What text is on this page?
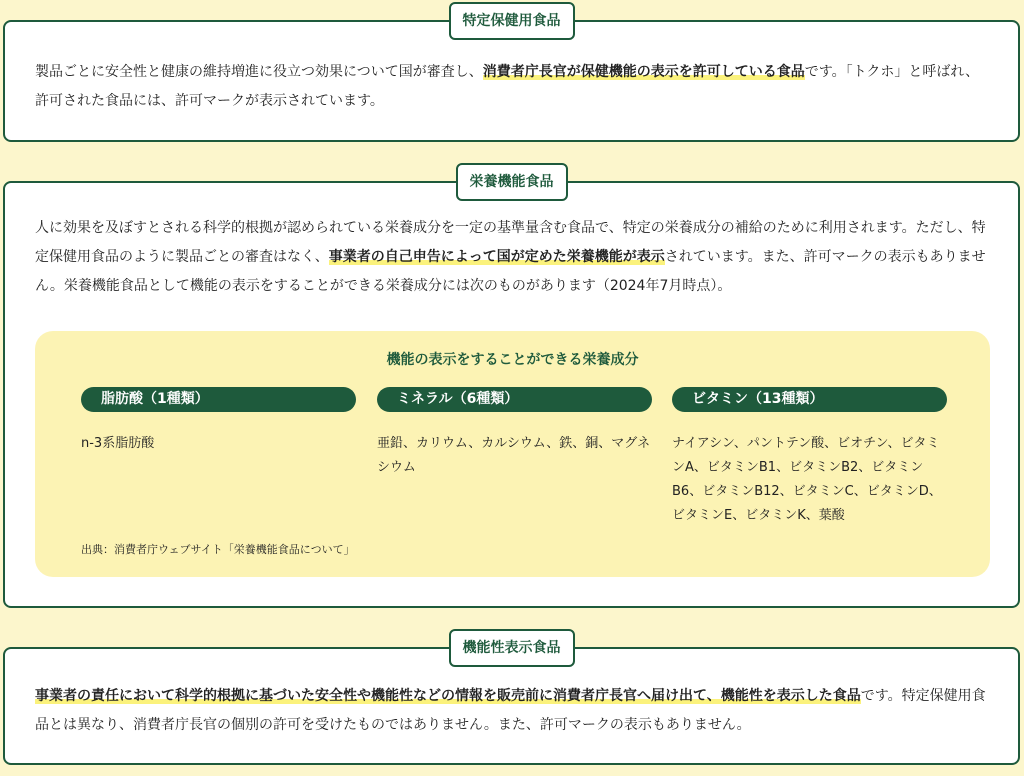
特定保健用食品

製品ごとに安全性と健康の維持増進に役立つ効果について国が審査し、消費者庁長官が保健機能の表示を許可している食品です。「トクホ」と呼ばれ、許可された食品には、許可マークが表示されています。

栄養機能食品

人に効果を及ぼすとされる科学的根拠が認められている栄養成分を一定の基準量含む食品で、特定の栄養成分の補給のために利用されます。ただし、特定保健用食品のように製品ごとの審査はなく、事業者の自己申告によって国が定めた栄養機能が表示されています。また、許可マークの表示もありません。栄養機能食品として機能の表示をすることができる栄養成分には次のものがあります（2024年7月時点）。

機能の表示をすることができる栄養成分
脂肪酸（1種類）
n-3系脂肪酸
ミネラル（6種類）
亜鉛、カリウム、カルシウム、鉄、銅、マグネシウム
ビタミン（13種類）
ナイアシン、パントテン酸、ビオチン、ビタミンA、ビタミンB1、ビタミンB2、ビタミンB6、ビタミンB12、ビタミンC、ビタミンD、ビタミンE、ビタミンK、葉酸
出典：消費者庁ウェブサイト「栄養機能食品について」
機能性表示食品

事業者の責任において科学的根拠に基づいた安全性や機能性などの情報を販売前に消費者庁長官へ届け出て、機能性を表示した食品です。特定保健用食品とは異なり、消費者庁長官の個別の許可を受けたものではありません。また、許可マークの表示もありません。
